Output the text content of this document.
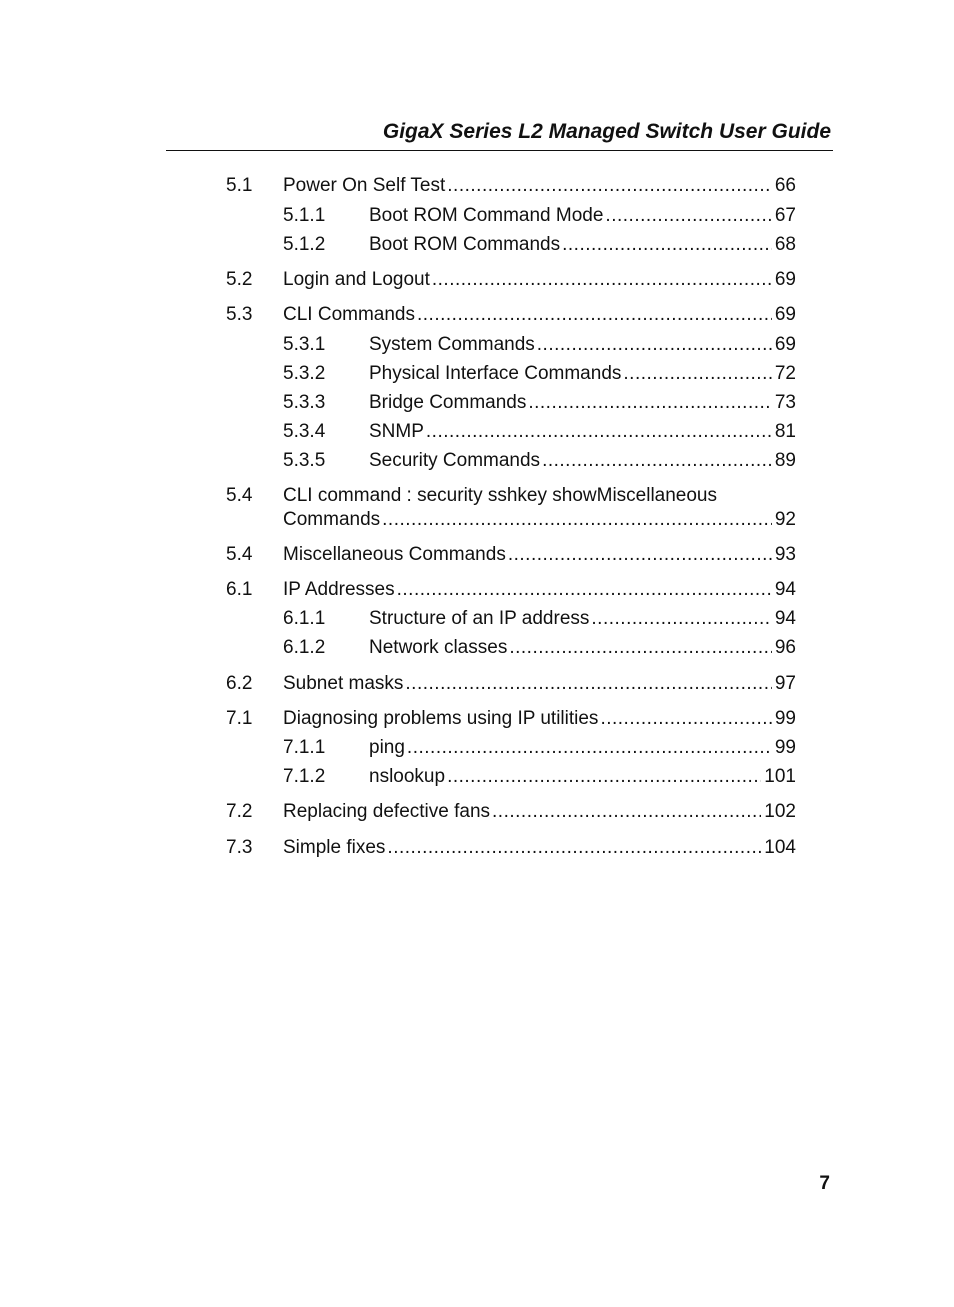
GigaX Series L2 Managed Switch User Guide
5.1 Power On Self Test .....	66
5.1.1 Boot ROM Command Mode .....	67
5.1.2 Boot ROM Commands .....	68
5.2 Login and Logout .....	69
5.3 CLI Commands .....	69
5.3.1 System Commands .....	69
5.3.2 Physical Interface Commands .....	72
5.3.3 Bridge Commands .....	73
5.3.4 SNMP .....	81
5.3.5 Security Commands .....	89
5.4 CLI command : security sshkey showMiscellaneous
Commands .....	92
5.4 Miscellaneous Commands .....	93
6.1 IP Addresses .....	94
6.1.1 Structure of an IP address .....	94
6.1.2 Network classes .....	96
6.2 Subnet masks .....	97
7.1 Diagnosing problems using IP utilities .....	99
7.1.1 ping .....	99
7.1.2 nslookup .....	101
7.2 Replacing defective fans .....	102
7.3 Simple fixes .....	104
7
